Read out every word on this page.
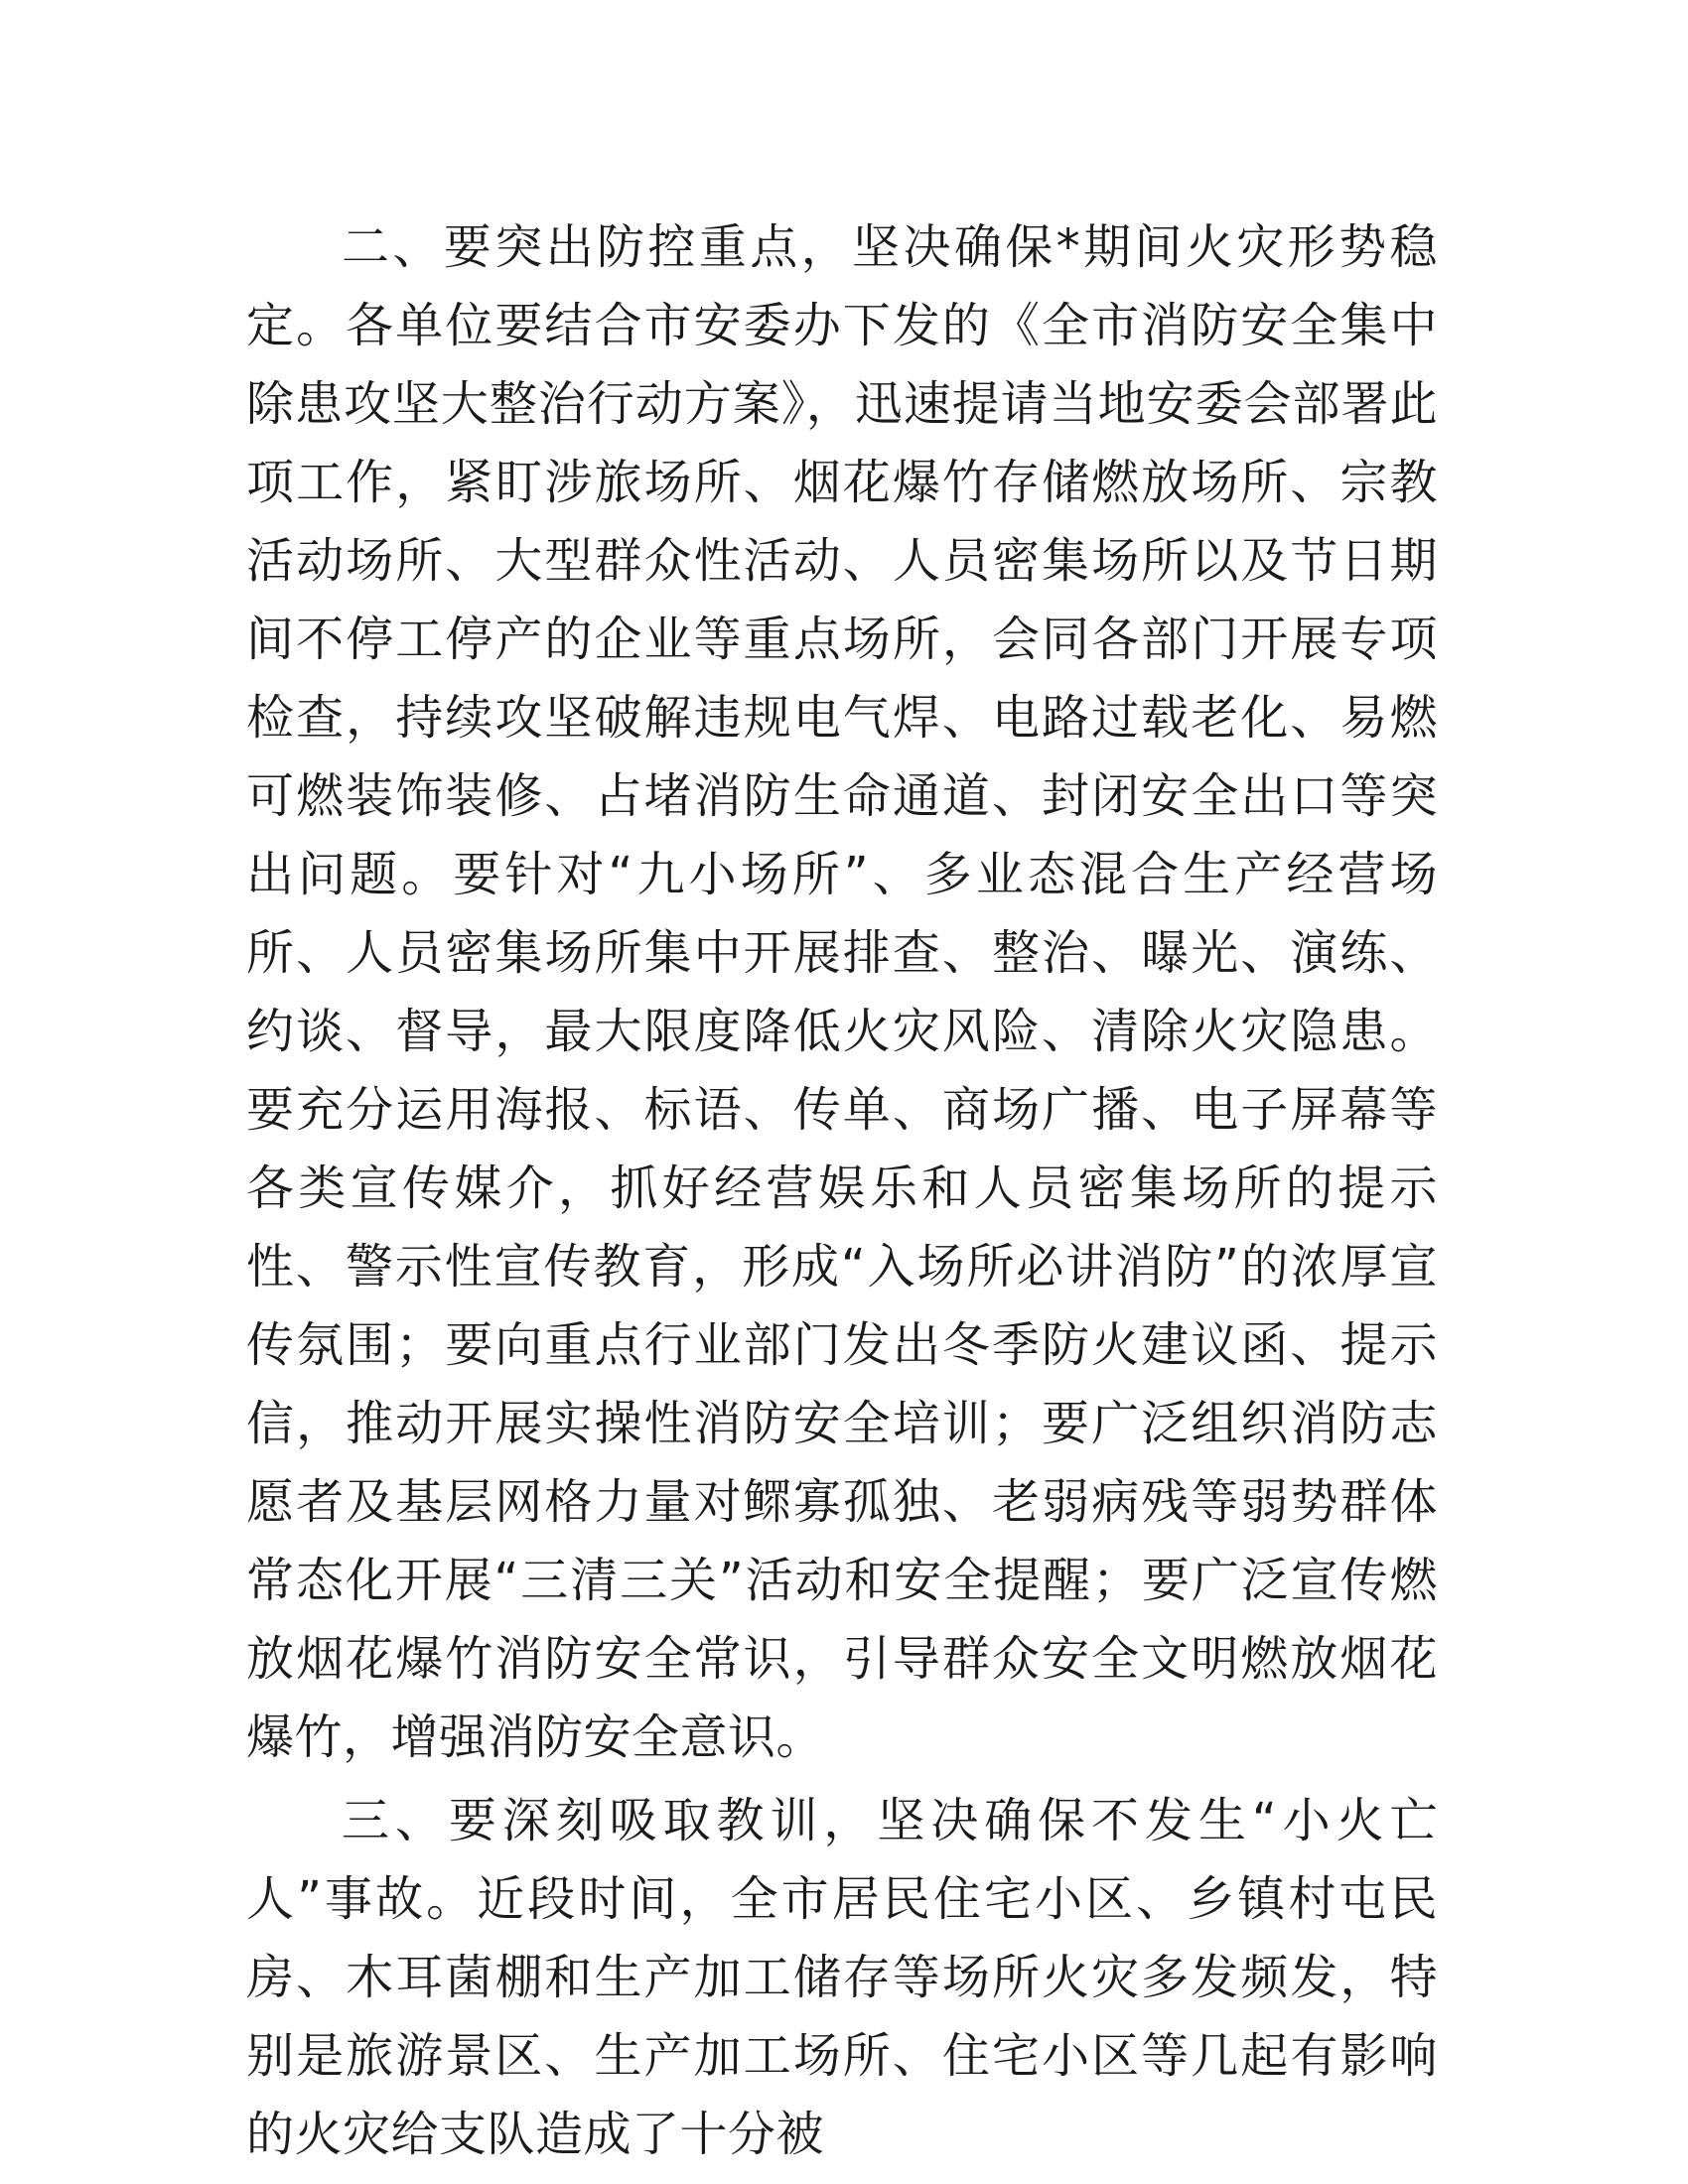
二、要突出防控重点，坚决确保*期间火灾形势稳定。各单位要结合市安委办下发的《全市消防安全集中除患攻坚大整治行动方案》，迅速提请当地安委会部署此项工作，紧盯涉旅场所、烟花爆竹存储燃放场所、宗教活动场所、大型群众性活动、人员密集场所以及节日期间不停工停产的企业等重点场所，会同各部门开展专项检查，持续攻坚破解违规电气焊、电路过载老化、易燃可燃装饰装修、占堵消防生命通道、封闭安全出口等突出问题。要针对“九小场所”、多业态混合生产经营场所、人员密集场所集中开展排查、整治、曝光、演练、约谈、督导，最大限度降低火灾风险、清除火灾隐患。要充分运用海报、标语、传单、商场广播、电子屏幕等各类宣传媒介，抓好经营娱乐和人员密集场所的提示性、警示性宣传教育，形成“入场所必讲消防”的浓厚宣传氛围；要向重点行业部门发出冬季防火建议函、提示信，推动开展实操性消防安全培训；要广泛组织消防志愿者及基层网格力量对鳏寡孤独、老弱病残等弱势群体常态化开展“三清三关”活动和安全提醒；要广泛宣传燃放烟花爆竹消防安全常识，引导群众安全文明燃放烟花爆竹，增强消防安全意识。

三、要深刻吸取教训，坚决确保不发生“小火亡人”事故。近段时间，全市居民住宅小区、乡镇村屯民房、木耳菌棚和生产加工储存等场所火灾多发频发，特别是旅游景区、生产加工场所、住宅小区等几起有影响的火灾给支队造成了十分被
